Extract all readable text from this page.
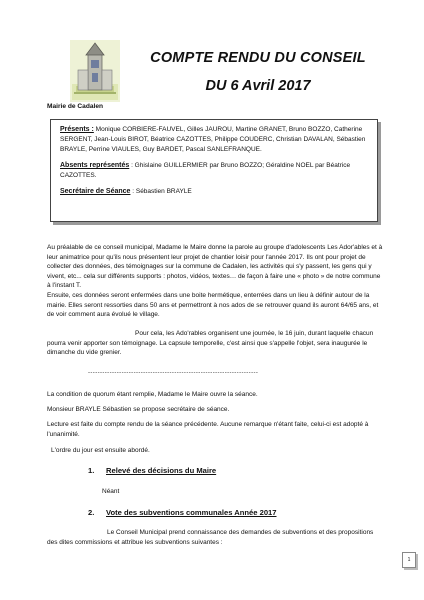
COMPTE RENDU DU CONSEIL
DU 6 Avril 2017
Mairie de Cadalen
Présents : Monique CORBIERE-FAUVEL, Gilles JAUROU, Martine GRANET, Bruno BOZZO, Catherine SERGENT, Jean-Louis BIROT, Béatrice CAZOTTES, Philippe COUDERC, Christian DAVALAN, Sébastien BRAYLE, Perrine VIAULES, Guy BARDET, Pascal SANLEFRANQUE.
Absents représentés : Ghislaine GUILLERMIER par Bruno BOZZO; Géraldine NOEL par Béatrice CAZOTTES.
Secrétaire de Séance : Sébastien BRAYLE
Au préalable de ce conseil municipal, Madame le Maire donne la parole au groupe d'adolescents Les Ador'ables et à leur animatrice pour qu'ils nous présentent leur projet de chantier loisir pour l'année 2017. Ils ont pour projet de collecter des données, des témoignages sur la commune de Cadalen, les activités qui s'y passent, les gens qui y vivent, etc... cela sur différents supports : photos, vidéos, textes… de façon à faire une « photo » de notre commune à l'instant T.
Ensuite, ces données seront enfermées dans une boite hermétique, enterrées dans un lieu à définir autour de la mairie. Elles seront ressorties dans 50 ans et permettront à nos ados de se retrouver quand ils auront 64/65 ans, et de voir comment aura évolué le village.
Pour cela, les Ado'rables organisent une journée, le 16 juin, durant laquelle chacun pourra venir apporter son témoignage. La capsule temporelle, c'est ainsi que s'appelle l'objet, sera inaugurée le dimanche du vide grenier.
-----------------------------------------------------------------------
La condition de quorum étant remplie, Madame le Maire ouvre la séance.
Monsieur BRAYLE Sébastien se propose secrétaire de séance.
Lecture est faite du compte rendu de la séance précédente. Aucune remarque n'étant faite, celui-ci est adopté à l'unanimité.
L'ordre du jour est ensuite abordé.
1. Relevé des décisions du Maire
Néant
2. Vote des subventions communales Année 2017
Le Conseil Municipal prend connaissance des demandes de subventions et des propositions des dites commissions et attribue les subventions suivantes :
1
